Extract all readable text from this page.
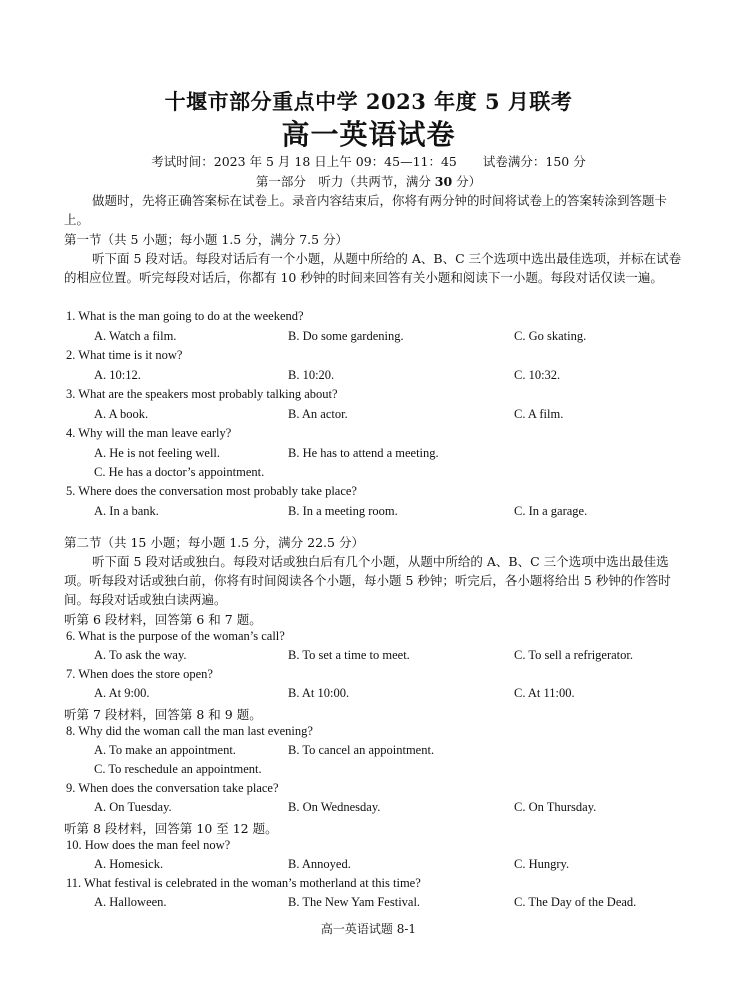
十堰市部分重点中学 2023 年度 5 月联考
高一英语试卷
考试时间：2023 年 5 月 18 日上午 09：45—11：45 试卷满分：150 分
第一部分　听力（共两节，满分 30 分）
做题时，先将正确答案标在试卷上。录音内容结束后，你将有两分钟的时间将试卷上的答案转涂到答题卡上。
第一节（共 5 小题；每小题 1.5 分，满分 7.5 分）
听下面 5 段对话。每段对话后有一个小题，从题中所给的 A、B、C 三个选项中选出最佳选项，并标在试卷的相应位置。听完每段对话后，你都有 10 秒钟的时间来回答有关小题和阅读下一小题。每段对话仅读一遍。
1. What is the man going to do at the weekend?
A. Watch a film.	B. Do some gardening.	C. Go skating.
2. What time is it now?
A. 10:12.	B. 10:20.	C. 10:32.
3. What are the speakers most probably talking about?
A. A book.	B. An actor.	C. A film.
4. Why will the man leave early?
A. He is not feeling well.	B. He has to attend a meeting.
C. He has a doctor’s appointment.
5. Where does the conversation most probably take place?
A. In a bank.	B. In a meeting room.	C. In a garage.
第二节（共 15 小题；每小题 1.5 分，满分 22.5 分）
听下面 5 段对话或独白。每段对话或独白后有几个小题，从题中所给的 A、B、C 三个选项中选出最佳选项。听每段对话或独白前，你将有时间阅读各个小题，每小题 5 秒钟；听完后，各小题将给出 5 秒钟的作答时间。每段对话或独白读两遍。
听第 6 段材料，回答第 6 和 7 题。
6. What is the purpose of the woman’s call?
A. To ask the way.	B. To set a time to meet.	C. To sell a refrigerator.
7. When does the store open?
A. At 9:00.	B. At 10:00.	C. At 11:00.
听第 7 段材料，回答第 8 和 9 题。
8. Why did the woman call the man last evening?
A. To make an appointment.	B. To cancel an appointment.
C. To reschedule an appointment.
9. When does the conversation take place?
A. On Tuesday.	B. On Wednesday.	C. On Thursday.
听第 8 段材料，回答第 10 至 12 题。
10. How does the man feel now?
A. Homesick.	B. Annoyed.	C. Hungry.
11. What festival is celebrated in the woman’s motherland at this time?
A. Halloween.	B. The New Yam Festival.	C. The Day of the Dead.
高一英语试题 8-1
